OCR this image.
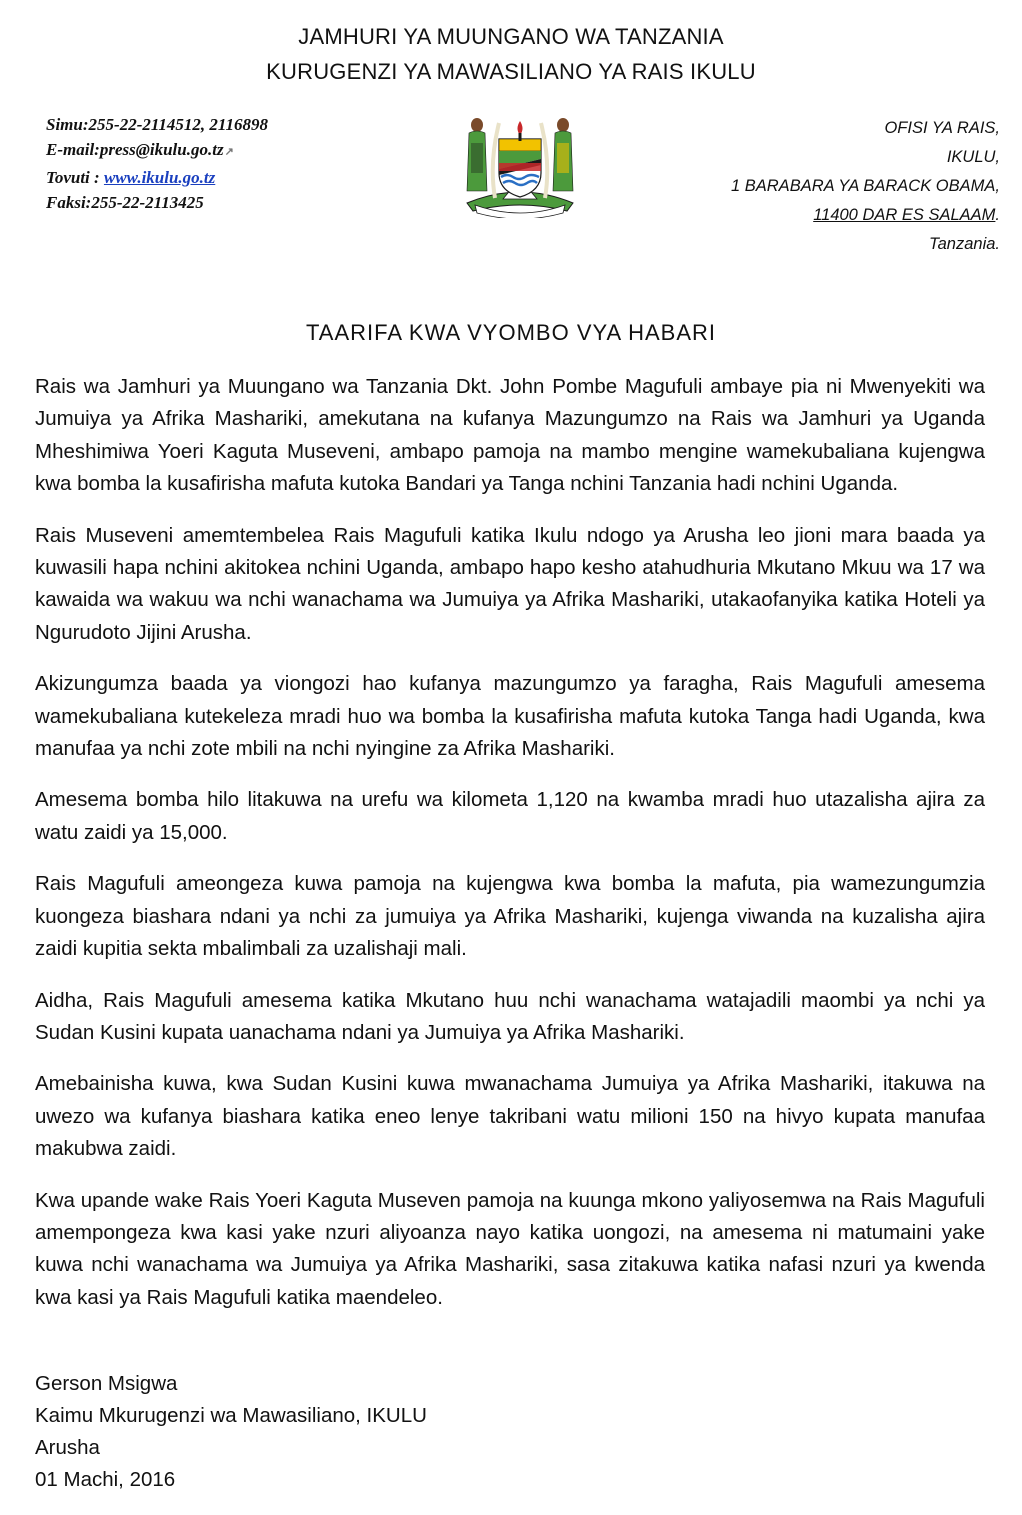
JAMHURI YA MUUNGANO WA TANZANIA
KURUGENZI YA MAWASILIANO YA RAIS IKULU
Simu:255-22-2114512, 2116898
E-mail:press@ikulu.go.tz↗
Tovuti : www.ikulu.go.tz
Faksi:255-22-2113425
OFISI YA RAIS,
IKULU,
1 BARABARA YA BARACK OBAMA,
11400 DAR ES SALAAM.
Tanzania.
TAARIFA KWA VYOMBO VYA HABARI

Rais wa Jamhuri ya Muungano wa Tanzania Dkt. John Pombe Magufuli ambaye pia ni Mwenyekiti wa Jumuiya ya Afrika Mashariki, amekutana na kufanya Mazungumzo na Rais wa Jamhuri ya Uganda Mheshimiwa Yoeri Kaguta Museveni, ambapo pamoja na mambo mengine wamekubaliana kujengwa kwa bomba la kusafirisha mafuta kutoka Bandari ya Tanga nchini Tanzania hadi nchini Uganda.

Rais Museveni amemtembelea Rais Magufuli katika Ikulu ndogo ya Arusha leo jioni mara baada ya kuwasili hapa nchini akitokea nchini Uganda, ambapo hapo kesho atahudhuria Mkutano Mkuu wa 17 wa kawaida wa wakuu wa nchi wanachama wa Jumuiya ya Afrika Mashariki, utakaofanyika katika Hoteli ya Ngurudoto Jijini Arusha.

Akizungumza baada ya viongozi hao kufanya mazungumzo ya faragha, Rais Magufuli amesema wamekubaliana kutekeleza mradi huo wa bomba la kusafirisha mafuta kutoka Tanga hadi Uganda, kwa manufaa ya nchi zote mbili na nchi nyingine za Afrika Mashariki.

Amesema bomba hilo litakuwa na urefu wa kilometa 1,120 na kwamba mradi huo utazalisha ajira za watu zaidi ya 15,000.

Rais Magufuli ameongeza kuwa pamoja na kujengwa kwa bomba la mafuta, pia wamezungumzia kuongeza biashara ndani ya nchi za jumuiya ya Afrika Mashariki, kujenga viwanda na kuzalisha ajira zaidi kupitia sekta mbalimbali za uzalishaji mali.

Aidha, Rais Magufuli amesema katika Mkutano huu nchi wanachama watajadili maombi ya nchi ya Sudan Kusini kupata uanachama ndani ya Jumuiya ya Afrika Mashariki.

Amebainisha kuwa, kwa Sudan Kusini kuwa mwanachama Jumuiya ya Afrika Mashariki, itakuwa na uwezo wa kufanya biashara katika eneo lenye takribani watu milioni 150 na hivyo kupata manufaa makubwa zaidi.

Kwa upande wake Rais Yoeri Kaguta Museven pamoja na kuunga mkono yaliyosemwa na Rais Magufuli amempongeza kwa kasi yake nzuri aliyoanza nayo katika uongozi, na amesema ni matumaini yake kuwa nchi wanachama wa Jumuiya ya Afrika Mashariki, sasa zitakuwa katika nafasi nzuri ya kwenda kwa kasi ya Rais Magufuli katika maendeleo.

Gerson Msigwa
Kaimu Mkurugenzi wa Mawasiliano, IKULU
Arusha
01 Machi, 2016
